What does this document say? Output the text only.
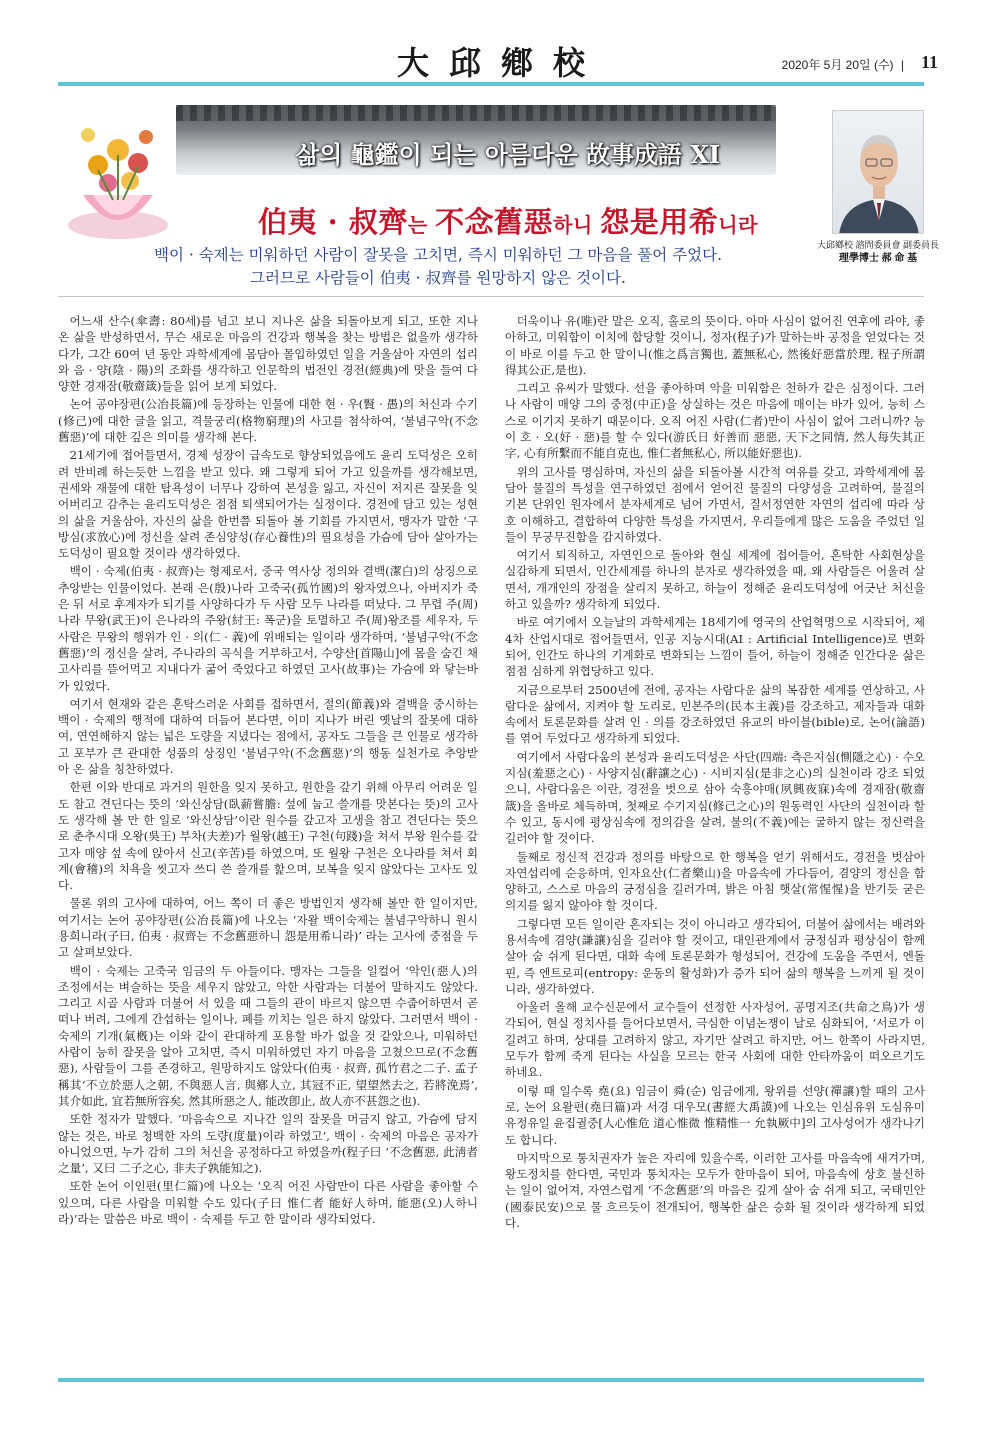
大邱鄕校	2020年 5月 20일 (수) | 11
삶의 龜鑑이 되는 아름다운 故事成語 XI
伯夷 · 叔齊는 不念舊惡하니 怨是用希니라
大邱鄕校 諮問委員會 副委員長
理學博士 郝 命 基
백이 · 숙제는 미워하던 사람이 잘못을 고치면, 즉시 미워하던 그 마음을 풀어 주었다.
그러므로 사람들이 伯夷 · 叔齊를 원망하지 않은 것이다.

어느새 산수(傘壽: 80세)를 넘고 보니 지나온 삶을 되돌아보게 되고, 또한 지나 온 삶을 반성하면서, 무슨 새로운 마음의 건강과 행복을 찾는 방법은 없을까 생각하다가, 그간 60여 년 동안 과학세계에 몸담아 몰입하였던 일을 거울삼아 자연의 섭리와 음 · 양(陰 · 陽)의 조화를 생각하고 인문학의 법전인 경전(經典)에 맛을 들여 다양한 경재잠(敬齋箴)들을 읽어 보게 되었다.

논어 공야장편(公冶長篇)에 등장하는 인물에 대한 현 · 우(賢 · 愚)의 처신과 수기(修己)에 대한 글을 읽고, 격물궁리(格物窮理)의 사고를 첨삭하여, ‘불념구악(不念舊惡)’에 대한 깊은 의미를 생각해 본다.

21세기에 접어들면서, 경제 성장이 급속도로 향상되었음에도 윤리 도덕성은 오히려 반비례 하는듯한 느낌을 받고 있다. 왜 그렇게 되어 가고 있을까를 생각해보면, 권세와 재물에 대한 탐욕성이 너무나 강하여 본성을 잃고, 자신이 저지른 잘못을 잊어버리고 감추는 윤리도덕성은 점점 퇴색되어가는 실정이다. 경전에 담고 있는 성현의 삶을 거울삼아, 자신의 삶을 한번쯤 되돌아 볼 기회를 가지면서, 맹자가 말한 ‘구방심(求放心)에 정신을 살려 존심양성(存心養性)의 필요성을 가슴에 담아 살아가는 도덕성이 필요할 것이라 생각하였다.

백이 · 숙제(伯夷 · 叔齊)는 형제로서, 중국 역사상 정의와 결백(潔白)의 상징으로 추앙받는 인물이었다. 본래 은(殷)나라 고죽국(孤竹國)의 왕자였으나, 아버지가 죽은 뒤 서로 후계자가 되기를 사양하다가 두 사람 모두 나라를 떠났다. 그 무렵 주(周)나라 무왕(武王)이 은나라의 주왕(紂王: 폭군)을 토멸하고 주(周)왕조를 세우자, 두 사람은 무왕의 행위가 인 · 의(仁 · 義)에 위배되는 일이라 생각하며, ‘불념구악(不念舊惡)’의 정신을 살려, 주나라의 곡식을 거부하고서, 수양산[首陽山]에 몸을 숨긴 채 고사리를 뜯어먹고 지내다가 굶어 죽었다고 하였던 고사(故事)는 가슴에 와 닿는바가 있었다.

여기서 현재와 같은 혼탁스러운 사회를 접하면서, 절의(節義)와 결백을 중시하는 백이 · 숙제의 행적에 대하여 더듬어 본다면, 이미 지나가 버린 옛날의 잘못에 대하여, 연연해하지 않는 넓은 도량을 지녔다는 점에서, 공자도 그들을 큰 인물로 생각하고 포부가 큰 관대한 성품의 상징인 ‘불념구악(不念舊惡)’의 행동 실천가로 추앙받아 온 삶을 칭찬하였다.

한편 이와 반대로 과거의 원한을 잊지 못하고, 원한을 갚기 위해 아무리 어려운 일도 참고 견딘다는 뜻의 ‘와신상담(臥薪嘗膽: 섶에 눕고 쓸개를 맛본다는 뜻)의 고사도 생각해 볼 만 한 일로 ‘와신상담’이란 원수를 갚고자 고생을 참고 견딘다는 뜻으로 춘추시대 오왕(吳王) 부차(夫差)가 월왕(越王) 구천(句踐)을 쳐서 부왕 원수를 갚고자 매양 섶 속에 앉아서 신고(辛苦)를 하였으며, 또 월왕 구천은 오나라를 쳐서 회계(會稽)의 치욕을 씻고자 쓰디 쓴 쓸개를 핥으며, 보복을 잊지 않았다는 고사도 있다.

물론 위의 고사에 대하여, 어느 쪽이 더 좋은 방법인지 생각해 볼만 한 일이지만, 여기서는 논어 공야장편(公冶長篇)에 나오는 ‘자왈 백이숙제는 불념구악하니 원시용희니라(子曰, 伯夷 · 叔齊는 不念舊惡하니 怨是用希니라)’ 라는 고사에 중점을 두고 살펴보았다.

백이 · 숙제는 고죽국 임금의 두 아들이다. 맹자는 그들을 일컬어 ‘악인(惡人)의 조정에서는 벼슬하는 뜻을 세우지 않았고, 악한 사람과는 더불어 말하지도 않았다. 그리고 시골 사람과 더불어 서 있을 때 그들의 관이 바르지 않으면 수줍어하면서 곧 떠나 버려, 그에게 간섭하는 일이나, 폐를 끼치는 일은 하지 않았다. 그러면서 백이 · 숙제의 기개(氣槪)는 이와 같이 관대하게 포용할 바가 없을 것 같았으나, 미워하던 사람이 능히 잘못을 알아 고치면, 즉시 미워하였던 자기 마음을 고쳤으므로(不念舊惡), 사람들이 그를 존경하고, 원망하지도 않았다(伯夷 · 叔齊, 孤竹君之二子. 孟子稱其‘不立於惡人之朝, 不與惡人言, 與鄕人立, 其冠不正, 望望然去之, 若將浼焉’, 其介如此, 宜若無所容矣, 然其所惡之人, 能改卽止, 故人亦不甚怨之也).

또한 정자가 말했다. ‘마음속으로 지나간 일의 잘못을 머금지 않고, 가슴에 담지 않는 것은, 바로 청백한 자의 도량(度量)이라 하였고’, 백이 · 숙제의 마음은 공자가 아니었으면, 누가 감히 그의 처신을 공정하다고 하였을까(程子曰 ‘不念舊惡, 此淸者之量’, 又曰 二子之心, 非夫子孰能知之).

또한 논어 이인편(里仁篇)에 나오는 ‘오직 어진 사람만이 다른 사람을 좋아할 수 있으며, 다른 사람을 미워할 수도 있다(子曰 惟仁者 能好人하며, 能惡(오)人하니라)’라는 말씀은 바로 백이 · 숙제를 두고 한 말이라 생각되었다.

더욱이나 유(唯)란 말은 오직, 홀로의 뜻이다. 아마 사심이 없어진 연후에 라야, 좋아하고, 미워함이 이치에 합당할 것이니, 정자(程子)가 말하는바 공정을 얻었다는 것이 바로 이를 두고 한 말이니(惟之爲言獨也, 蓋無私心, 然後好惡當於理, 程子所謂得其公正,是也).

그리고 유씨가 말했다. 선을 좋아하며 악을 미워함은 천하가 같은 심정이다. 그러나 사람이 매양 그의 중정(中正)을 상실하는 것은 마음에 매이는 바가 있어, 능히 스스로 이기지 못하기 때문이다. 오직 어진 사람(仁者)만이 사심이 없어 그러니까? 능이 호 · 오(好 · 惡)를 할 수 있다(游氏日 好善而 惡惡, 天下之同情, 然人每失其正字, 心有所繫而不能自克也, 惟仁者無私心, 所以能好惡也).

위의 고사를 명심하며, 자신의 삶을 되돌아볼 시간적 여유를 갖고, 과학세계에 몸담아 물질의 특성을 연구하였던 점에서 얻어진 물질의 다양성을 고려하여, 물질의 기본 단위인 원자에서 분자세계로 넘어 가면서, 질서정연한 자연의 섭리에 따라 상호 이해하고, 결합하여 다양한 특성을 가지면서, 우리들에게 많은 도움을 주었던 일들이 무궁무진함을 감지하였다.

여기서 퇴직하고, 자연인으로 돌아와 현실 세계에 접어들어, 혼탁한 사회현상을 실감하게 되면서, 인간세계를 하나의 분자로 생각하였을 때, 왜 사람들은 어울려 살면서, 개개인의 장점을 살리지 못하고, 하늘이 정해준 윤리도덕성에 어긋난 처신을 하고 있을까? 생각하게 되었다.

바로 여기에서 오늘날의 과학세계는 18세기에 영국의 산업혁명으로 시작되어, 제 4차 산업시대로 접어들면서, 인공 지능시대(AI : Artificial Intelligence)로 변화되어, 인간도 하나의 기계화로 변화되는 느낌이 들어, 하늘이 정해준 인간다운 삶은 점점 심하게 위협당하고 있다.

지금으로부터 2500년에 전에, 공자는 사람다운 삶의 복잡한 세계를 연상하고, 사람다운 삶에서, 지켜야 할 도리로, 민본주의(民本主義)를 강조하고, 제자들과 대화 속에서 토론문화를 살려 인 · 의를 강조하였던 유교의 바이블(bible)로, 논어(論語)를 엮어 두었다고 생각하게 되었다.

여기에서 사람다움의 본성과 윤리도덕성은 사단(四端: 측은지심(惻隱之心) · 수오지심(羞惡之心) · 사양지심(辭讓之心) · 시비지심(是非之心)의 실천이라 강조 되었으니, 사람다움은 이란, 경전을 벗으로 삼아 숙흥야매(夙興夜寐)속에 경재잠(敬齋箴)을 올바로 체득하며, 첫째로 수기지심(修己之心)의 원동력인 사단의 실천이라 할 수 있고, 동시에 평상심속에 정의감을 살려, 불의(不義)에는 굴하지 않는 정신력을 길러야 할 것이다.

둘째로 정신적 건강과 정의를 바탕으로 한 행복을 얻기 위해서도, 경전을 벗삼아 자연섭리에 순응하며, 인자요산(仁者樂山)을 마음속에 가다듬어, 겸양의 정신을 함양하고, 스스로 마음의 긍정심을 길러가며, 밝은 아침 햇살(常惺惺)을 반기듯 굳은 의지를 잃지 않아야 할 것이다.

그렇다면 모든 일이란 혼자되는 것이 아니라고 생각되어, 더불어 삶에서는 배려와 용서속에 겸양(謙讓)심을 길러야 할 것이고, 대인관계에서 긍정심과 평상심이 함께 살아 숨 쉬게 된다면, 대화 속에 토론문화가 형성되어, 건강에 도움을 주면서, 엔돌핀, 즉 엔트로피(entropy: 운동의 활성화)가 증가 되어 삶의 행복을 느끼게 될 것이니라, 생각하였다.

아울러 올해 교수신문에서 교수들이 선정한 사자성어, 공명지조(共命之鳥)가 생각되어, 현실 정치사를 들어다보면서, 극심한 이념논쟁이 날로 심화되어, ‘서로가 이길려고 하며, 상대를 고려하지 않고, 자기만 살려고 하지만, 어느 한쪽이 사라지면, 모두가 함께 죽게 된다는 사실을 모르는 한국 사회에 대한 안타까움이 떠오르기도 하네요.

이렇 때 일수록 堯(요) 임금이 舜(순) 임금에게, 왕위를 선양(禪讓)할 때의 고사로, 논어 요왈편(堯曰篇)과 서경 대우모(書經大禹謨)에 나오는 인심유위 도심유미 유정유일 윤집궐중[人心惟危 道心惟微 惟精惟一 允執厥中]의 고사성어가 생각나기도 합니다.

마지막으로 통치권자가 높은 자리에 있을수록, 이러한 고사를 마음속에 새겨가며, 왕도정치를 한다면, 국민과 통치자는 모두가 한마음이 되어, 마음속에 상호 불신하는 일이 없어져, 자연스럽게 ‘不念舊惡’의 마음은 깊게 살아 숨 쉬게 되고, 국태민안(國泰民安)으로 물 흐르듯이 전개되어, 행복한 삶은 승화 될 것이라 생각하게 되었다.
